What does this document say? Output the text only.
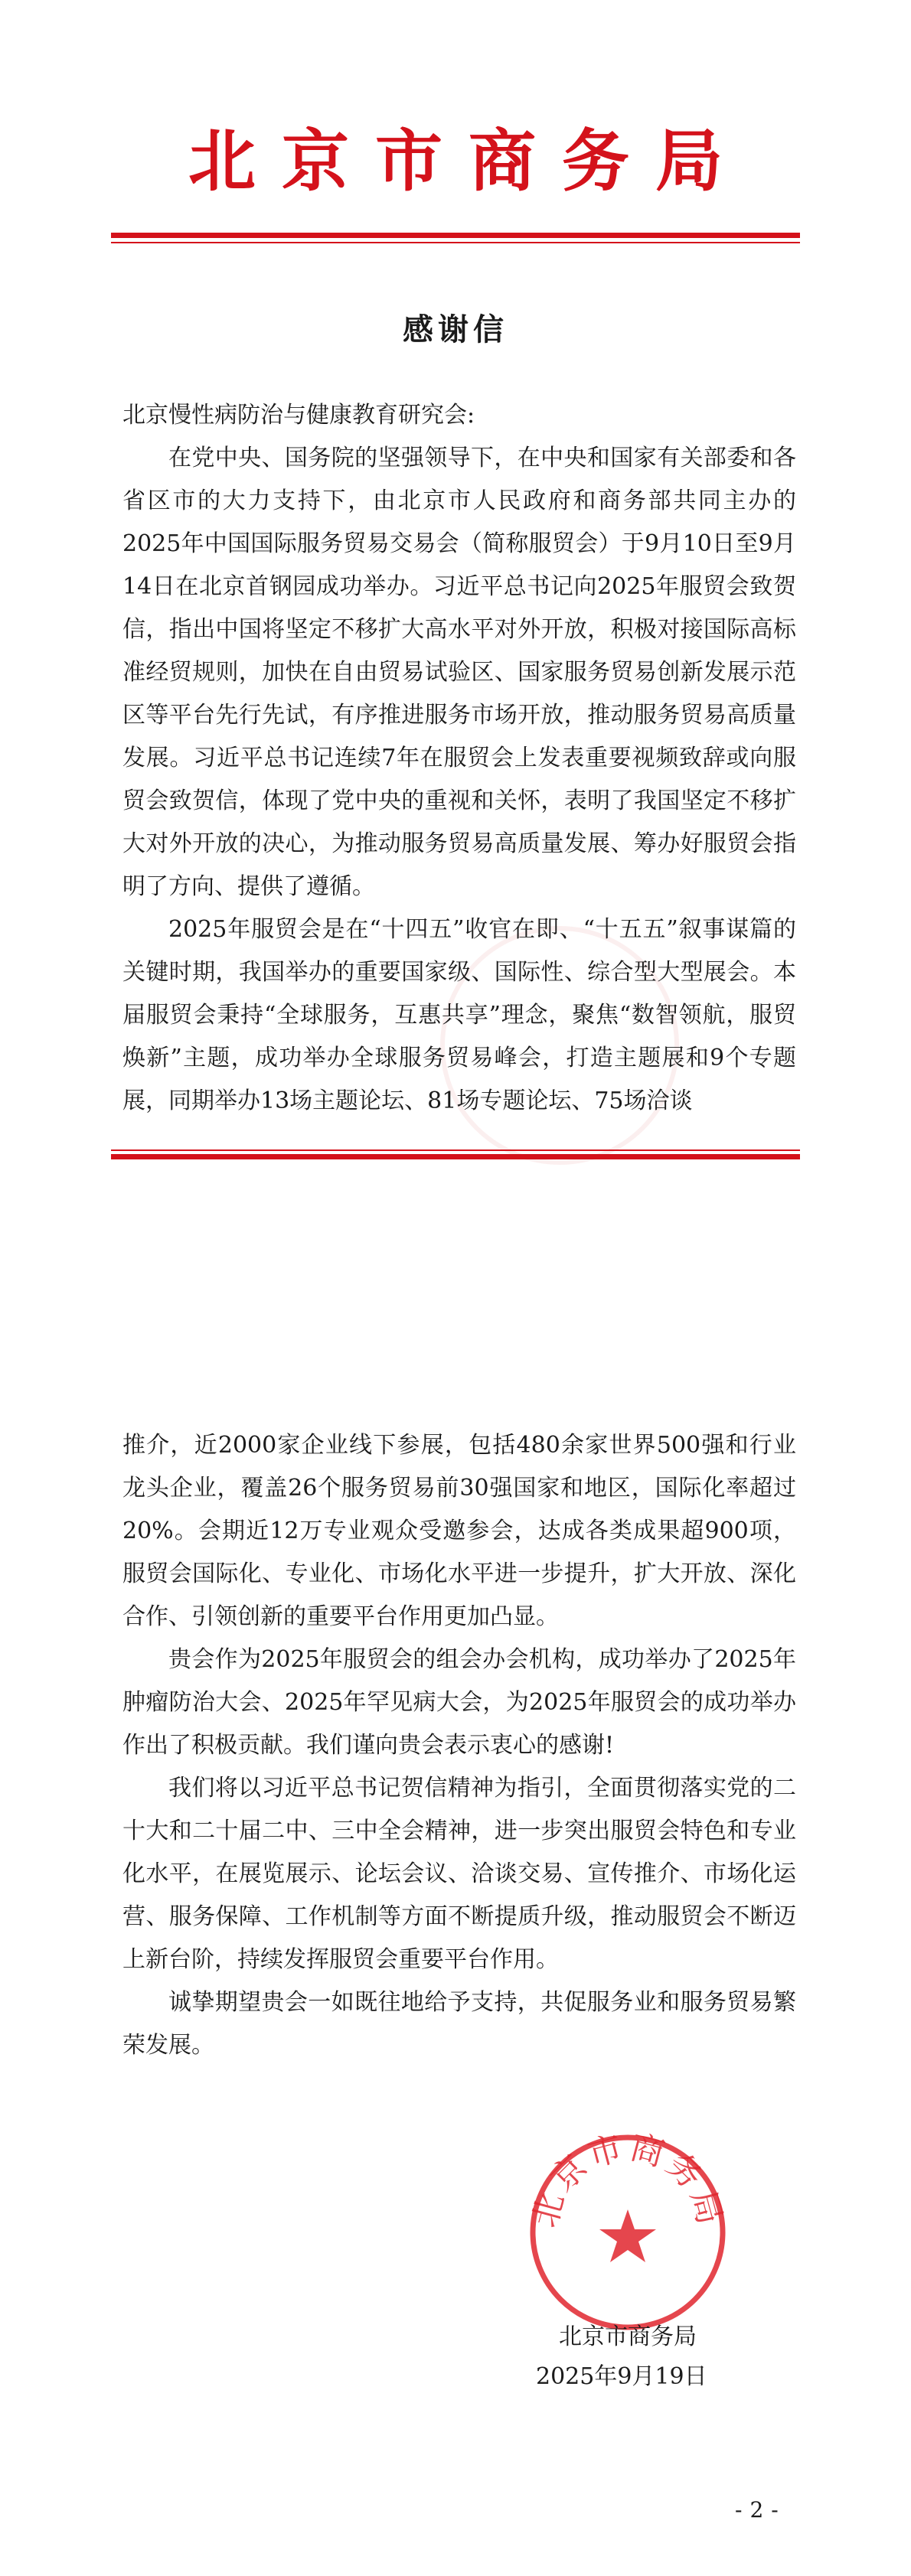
北京市商务局
感谢信

北京慢性病防治与健康教育研究会:

在党中央、国务院的坚强领导下，在中央和国家有关部委和各省区市的大力支持下，由北京市人民政府和商务部共同主办的2025年中国国际服务贸易交易会（简称服贸会）于9月10日至9月14日在北京首钢园成功举办。习近平总书记向2025年服贸会致贺信，指出中国将坚定不移扩大高水平对外开放，积极对接国际高标准经贸规则，加快在自由贸易试验区、国家服务贸易创新发展示范区等平台先行先试，有序推进服务市场开放，推动服务贸易高质量发展。习近平总书记连续7年在服贸会上发表重要视频致辞或向服贸会致贺信，体现了党中央的重视和关怀，表明了我国坚定不移扩大对外开放的决心，为推动服务贸易高质量发展、筹办好服贸会指明了方向、提供了遵循。

2025年服贸会是在“十四五”收官在即、“十五五”叙事谋篇的关键时期，我国举办的重要国家级、国际性、综合型大型展会。本届服贸会秉持“全球服务，互惠共享”理念，聚焦“数智领航，服贸焕新”主题，成功举办全球服务贸易峰会，打造主题展和9个专题展，同期举办13场主题论坛、81场专题论坛、75场洽谈

推介，近2000家企业线下参展，包括480余家世界500强和行业龙头企业，覆盖26个服务贸易前30强国家和地区，国际化率超过20%。会期近12万专业观众受邀参会，达成各类成果超900项，服贸会国际化、专业化、市场化水平进一步提升，扩大开放、深化合作、引领创新的重要平台作用更加凸显。

贵会作为2025年服贸会的组会办会机构，成功举办了2025年肿瘤防治大会、2025年罕见病大会，为2025年服贸会的成功举办作出了积极贡献。我们谨向贵会表示衷心的感谢!

我们将以习近平总书记贺信精神为指引，全面贯彻落实党的二十大和二十届二中、三中全会精神，进一步突出服贸会特色和专业化水平，在展览展示、论坛会议、洽谈交易、宣传推介、市场化运营、服务保障、工作机制等方面不断提质升级，推动服贸会不断迈上新台阶，持续发挥服贸会重要平台作用。

诚挚期望贵会一如既往地给予支持，共促服务业和服务贸易繁荣发展。

北京市商务局
北京市商务局
2025年9月19日
-2-
